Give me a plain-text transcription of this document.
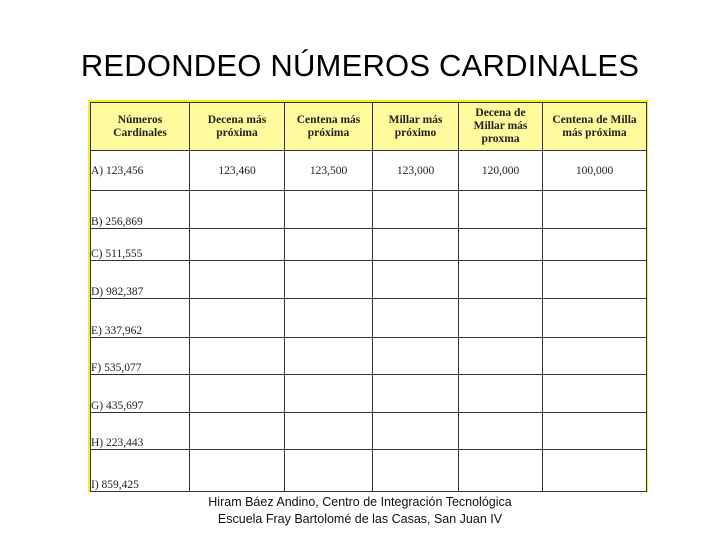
REDONDEO NÚMEROS CARDINALES
Números Cardinales	Decena más próxima	Centena más próxima	Millar más próximo	Decena de Millar más proxma	Centena de Milla más próxima
A) 123,456	123,460	123,500	123,000	120,000	100,000
B) 256,869					
C) 511,555					
D) 982,387					
E) 337,962					
F) 535,077					
G) 435,697					
H) 223,443					
I) 859,425					
Hiram Báez Andino, Centro de Integración Tecnológica
Escuela Fray Bartolomé de las Casas, San Juan IV
